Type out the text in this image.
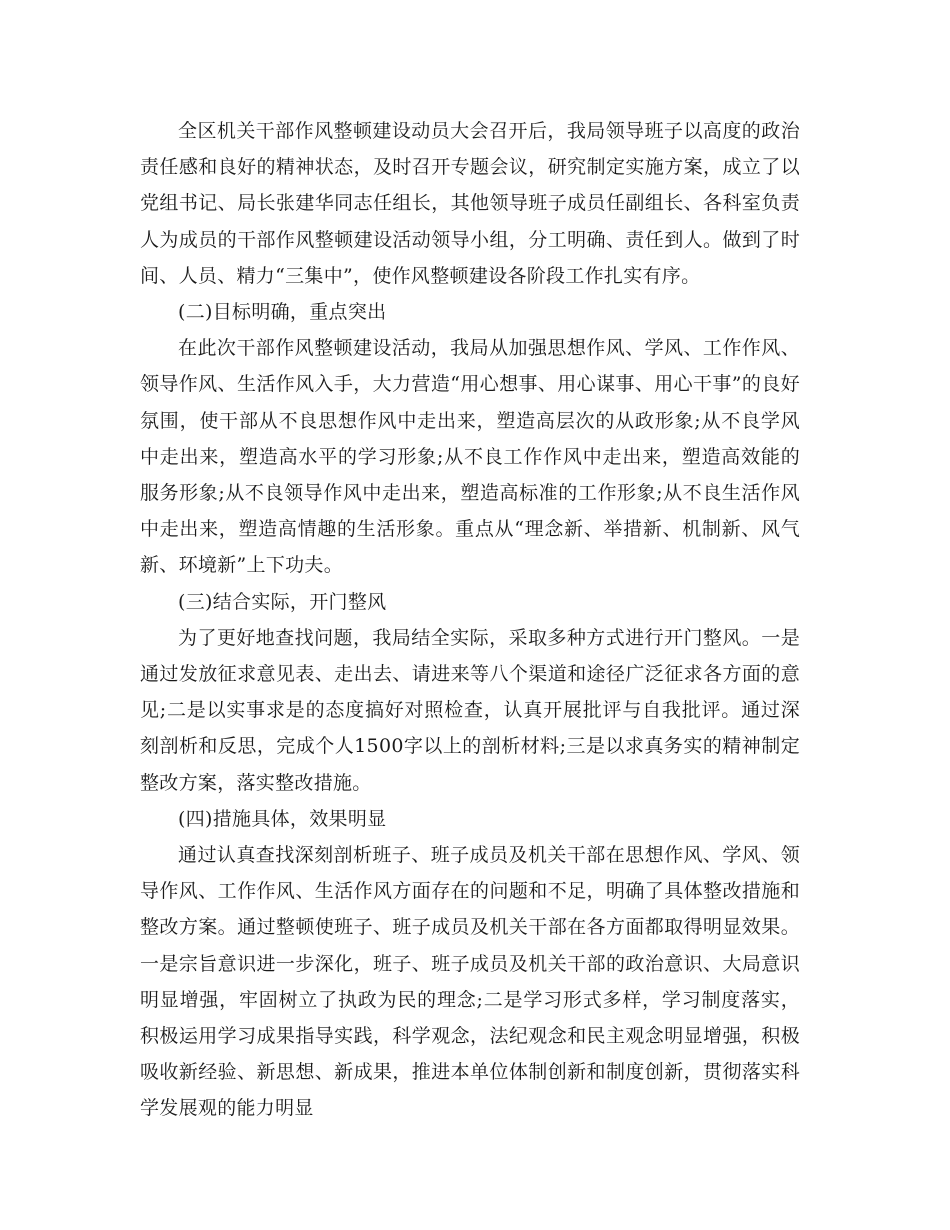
全区机关干部作风整顿建设动员大会召开后，我局领导班子以高度的政治责任感和良好的精神状态，及时召开专题会议，研究制定实施方案，成立了以党组书记、局长张建华同志任组长，其他领导班子成员任副组长、各科室负责人为成员的干部作风整顿建设活动领导小组，分工明确、责任到人。做到了时间、人员、精力“三集中”，使作风整顿建设各阶段工作扎实有序。

(二)目标明确，重点突出

在此次干部作风整顿建设活动，我局从加强思想作风、学风、工作作风、领导作风、生活作风入手，大力营造“用心想事、用心谋事、用心干事”的良好氛围，使干部从不良思想作风中走出来，塑造高层次的从政形象;从不良学风中走出来，塑造高水平的学习形象;从不良工作作风中走出来，塑造高效能的服务形象;从不良领导作风中走出来，塑造高标准的工作形象;从不良生活作风中走出来，塑造高情趣的生活形象。重点从“理念新、举措新、机制新、风气新、环境新”上下功夫。

(三)结合实际，开门整风

为了更好地查找问题，我局结全实际，采取多种方式进行开门整风。一是通过发放征求意见表、走出去、请进来等八个渠道和途径广泛征求各方面的意见;二是以实事求是的态度搞好对照检查，认真开展批评与自我批评。通过深刻剖析和反思，完成个人1500字以上的剖析材料;三是以求真务实的精神制定整改方案，落实整改措施。

(四)措施具体，效果明显

通过认真查找深刻剖析班子、班子成员及机关干部在思想作风、学风、领导作风、工作作风、生活作风方面存在的问题和不足，明确了具体整改措施和整改方案。通过整顿使班子、班子成员及机关干部在各方面都取得明显效果。一是宗旨意识进一步深化，班子、班子成员及机关干部的政治意识、大局意识明显增强，牢固树立了执政为民的理念;二是学习形式多样，学习制度落实，积极运用学习成果指导实践，科学观念，法纪观念和民主观念明显增强，积极吸收新经验、新思想、新成果，推进本单位体制创新和制度创新，贯彻落实科学发展观的能力明显
